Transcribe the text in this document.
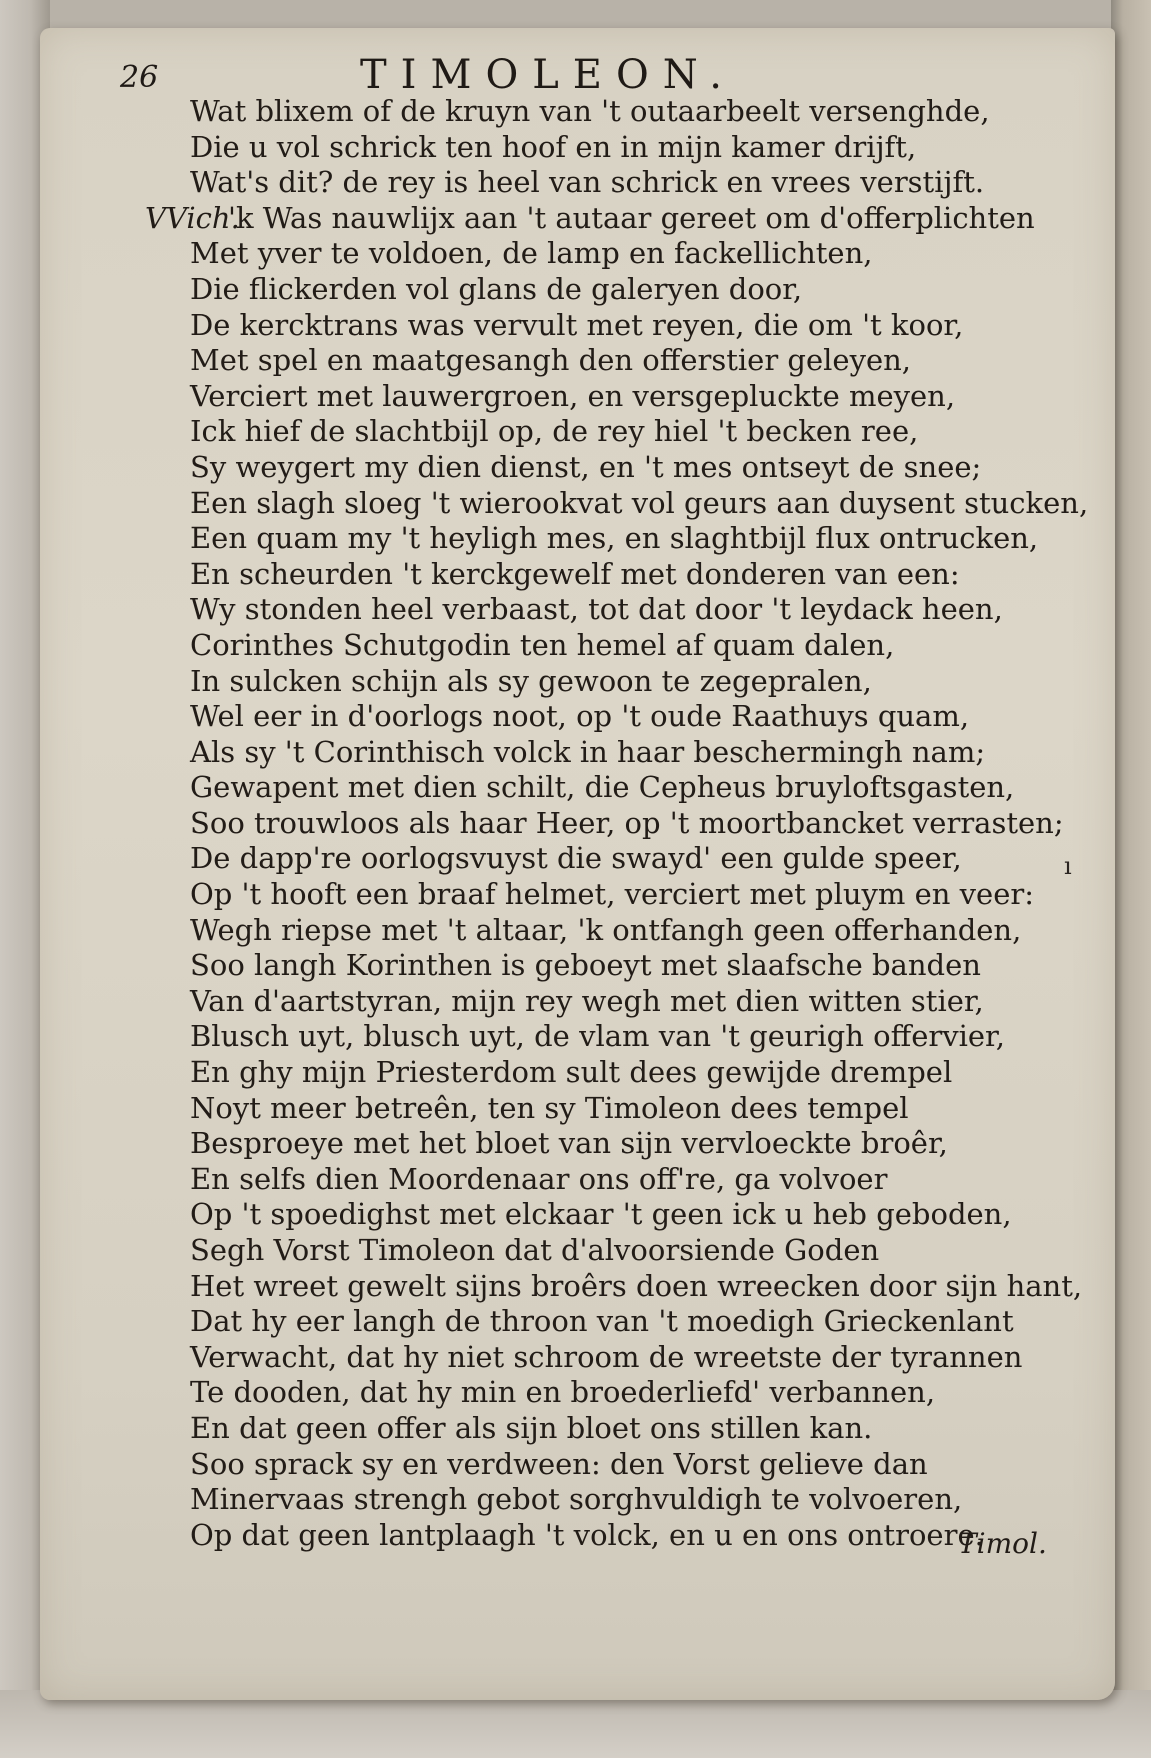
26	TIMOLEON.
Wat blixem of de kruyn van 't outaarbeelt versenghde,
Die u vol schrick ten hoof en in mijn kamer drijft,
Wat's dit? de rey is heel van schrick en vrees verstijft.
VVich.
'k Was nauwlijx aan 't autaar gereet om d'offerplichten
Met yver te voldoen, de lamp en fackellichten,
Die flickerden vol glans de galeryen door,
De kercktrans was vervult met reyen, die om 't koor,
Met spel en maatgesangh den offerstier geleyen,
Verciert met lauwergroen, en versgepluckte meyen,
Ick hief de slachtbijl op, de rey hiel 't becken ree,
Sy weygert my dien dienst, en 't mes ontseyt de snee;
Een slagh sloeg 't wierookvat vol geurs aan duysent stucken,
Een quam my 't heyligh mes, en slaghtbijl flux ontrucken,
En scheurden 't kerckgewelf met donderen van een:
Wy stonden heel verbaast, tot dat door 't leydack heen,
Corinthes Schutgodin ten hemel af quam dalen,
In sulcken schijn als sy gewoon te zegepralen,
Wel eer in d'oorlogs noot, op 't oude Raathuys quam,
Als sy 't Corinthisch volck in haar beschermingh nam;
Gewapent met dien schilt, die Cepheus bruyloftsgasten,
Soo trouwloos als haar Heer, op 't moortbancket verrasten;
De dapp're oorlogsvuyst die swayd' een gulde speer,
Op 't hooft een braaf helmet, verciert met pluym en veer:
Wegh riepse met 't altaar, 'k ontfangh geen offerhanden,
Soo langh Korinthen is geboeyt met slaafsche banden
Van d'aartstyran, mijn rey wegh met dien witten stier,
Blusch uyt, blusch uyt, de vlam van 't geurigh offervier,
En ghy mijn Priesterdom sult dees gewijde drempel
Noyt meer betreên, ten sy Timoleon dees tempel
Besproeye met het bloet van sijn vervloeckte broêr,
En selfs dien Moordenaar ons off're, ga volvoer
Op 't spoedighst met elckaar 't geen ick u heb geboden,
Segh Vorst Timoleon dat d'alvoorsiende Goden
Het wreet gewelt sijns broêrs doen wreecken door sijn hant,
Dat hy eer langh de throon van 't moedigh Grieckenlant
Verwacht, dat hy niet schroom de wreetste der tyrannen
Te dooden, dat hy min en broederliefd' verbannen,
En dat geen offer als sijn bloet ons stillen kan.
Soo sprack sy en verdween: den Vorst gelieve dan
Minervaas strengh gebot sorghvuldigh te volvoeren,
Op dat geen lantplaagh 't volck, en u en ons ontroere.
Timol.
ı
